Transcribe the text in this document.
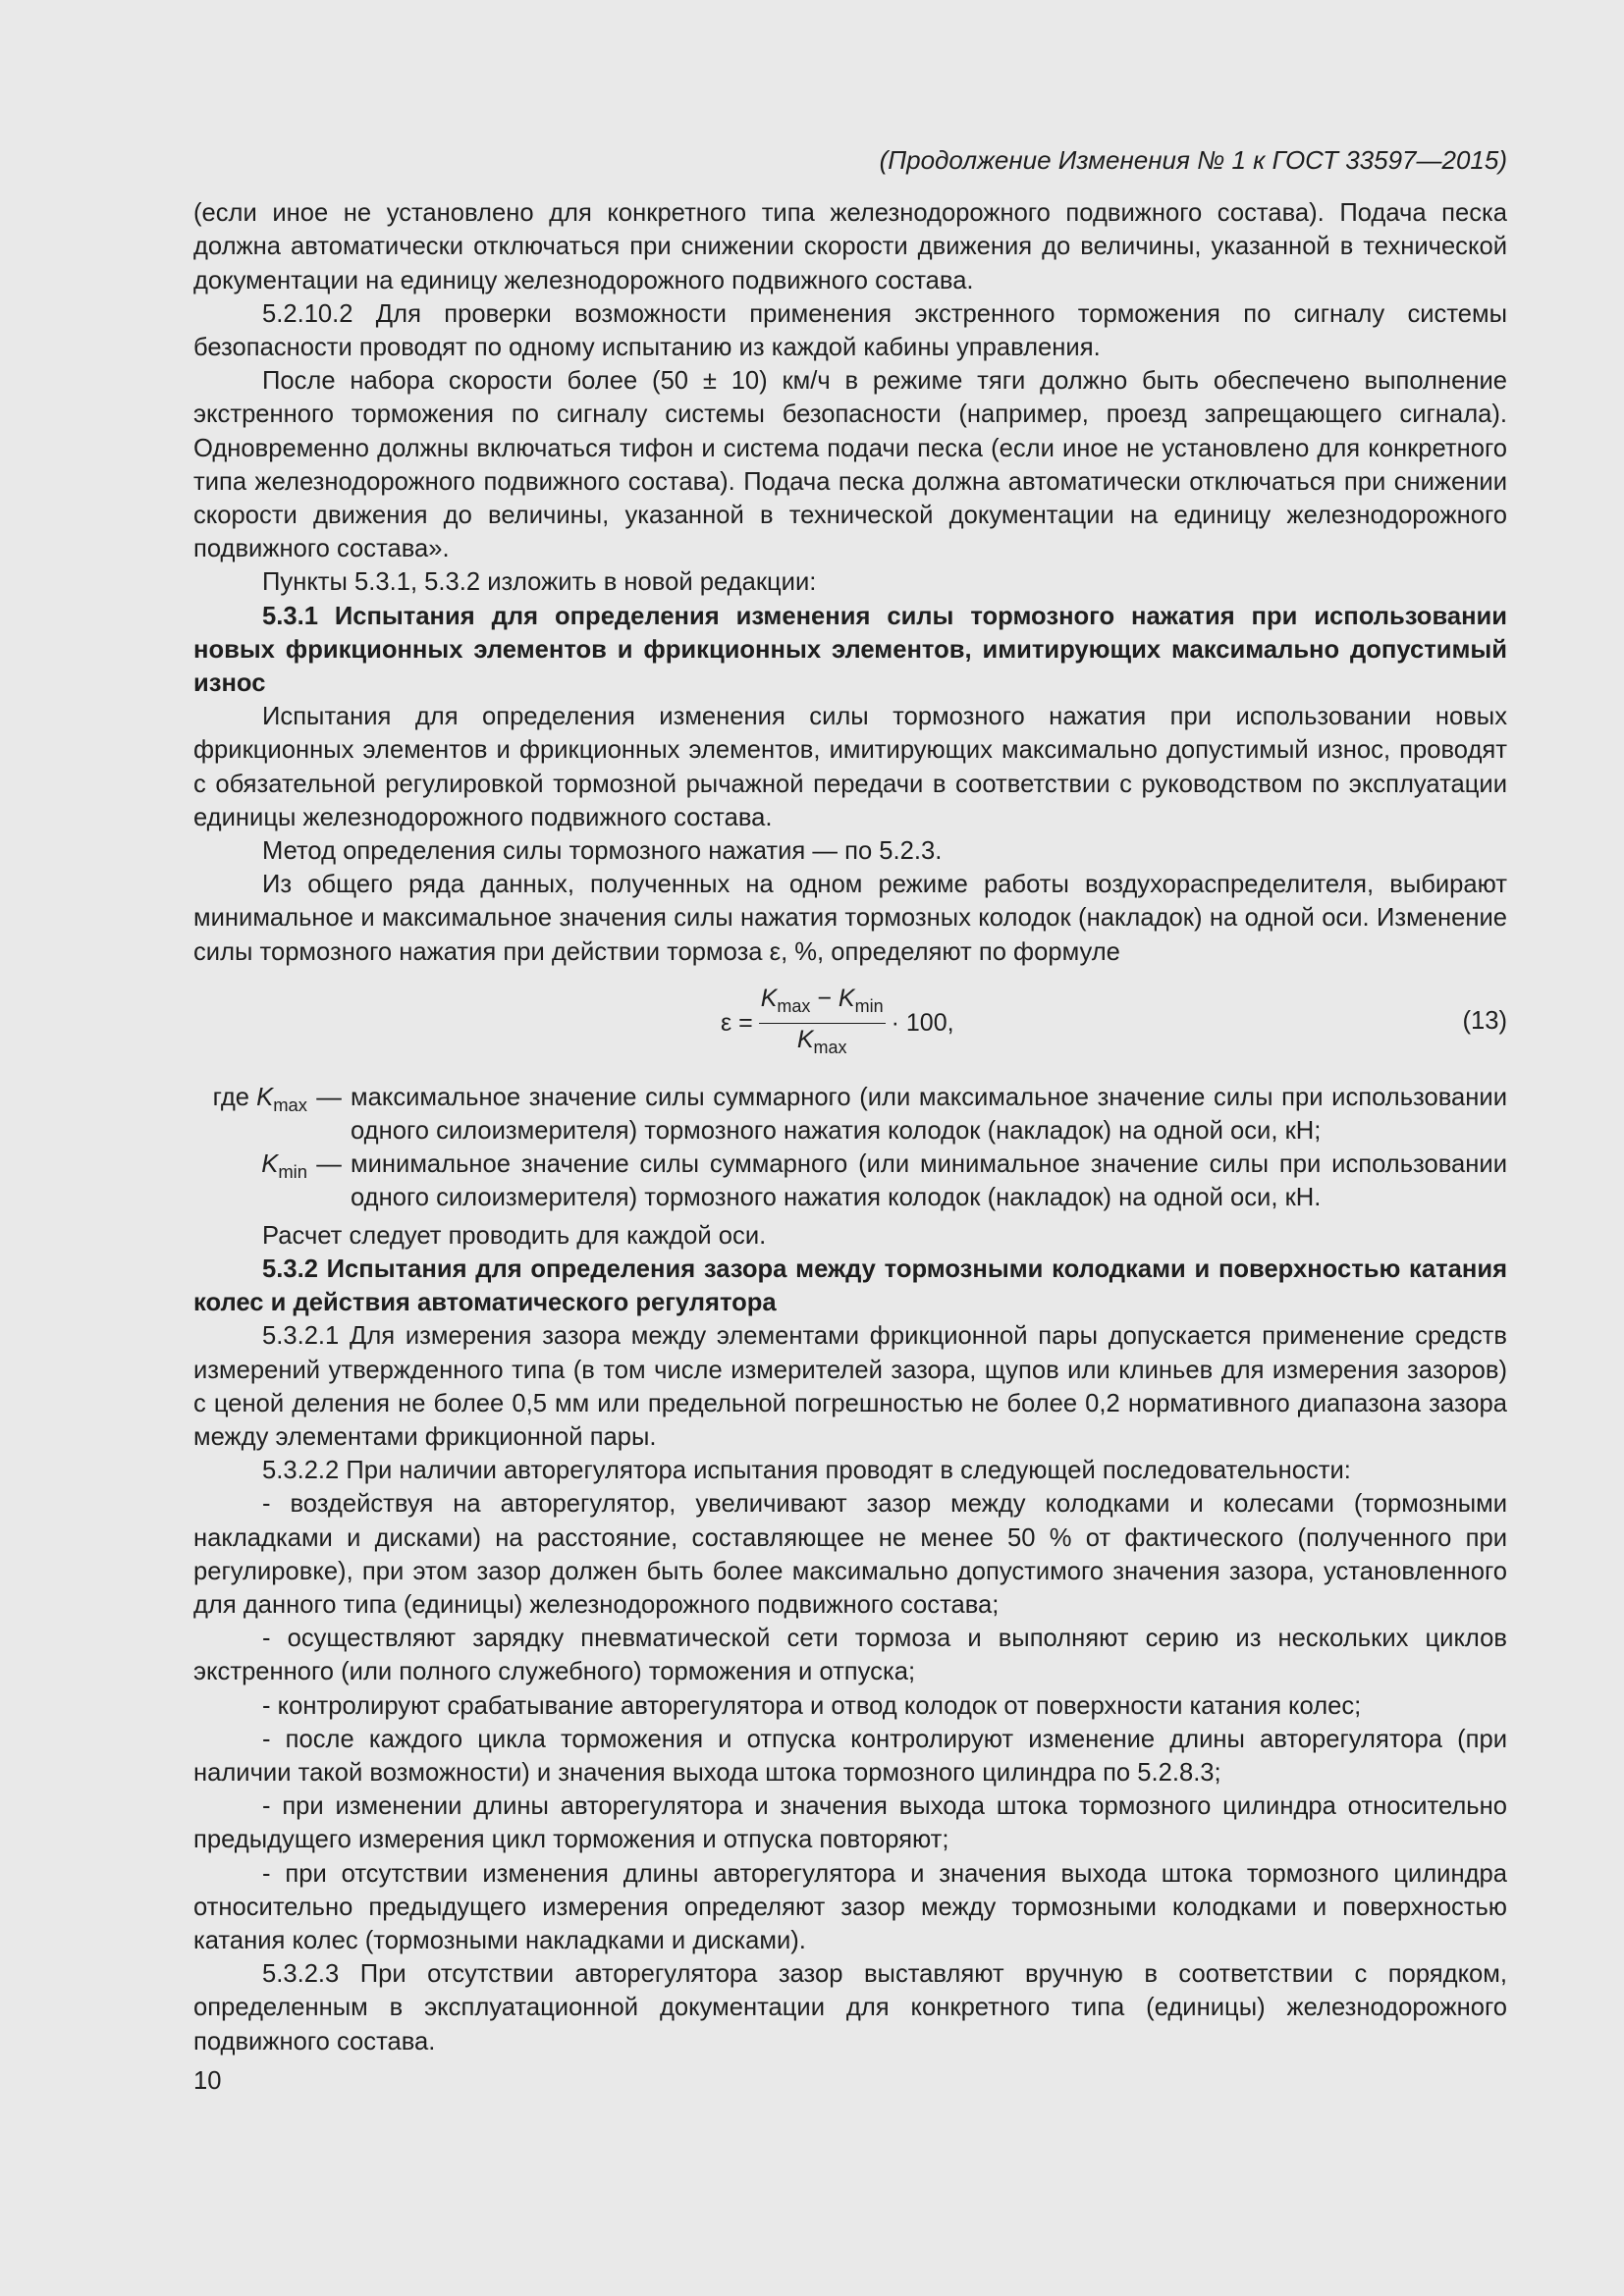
(Продолжение Изменения № 1 к ГОСТ 33597—2015)

(если иное не установлено для конкретного типа железнодорожного подвижного состава). Подача песка должна автоматически отключаться при снижении скорости движения до величины, указанной в технической документации на единицу железнодорожного подвижного состава.

5.2.10.2 Для проверки возможности применения экстренного торможения по сигналу системы безопасности проводят по одному испытанию из каждой кабины управления.

После набора скорости более (50 ± 10) км/ч в режиме тяги должно быть обеспечено выполнение экстренного торможения по сигналу системы безопасности (например, проезд запрещающего сигнала). Одновременно должны включаться тифон и система подачи песка (если иное не установлено для конкретного типа железнодорожного подвижного состава). Подача песка должна автоматически отключаться при снижении скорости движения до величины, указанной в технической документации на единицу железнодорожного подвижного состава».

Пункты 5.3.1, 5.3.2 изложить в новой редакции:

5.3.1 Испытания для определения изменения силы тормозного нажатия при использовании новых фрикционных элементов и фрикционных элементов, имитирующих максимально допустимый износ

Испытания для определения изменения силы тормозного нажатия при использовании новых фрикционных элементов и фрикционных элементов, имитирующих максимально допустимый износ, проводят с обязательной регулировкой тормозной рычажной передачи в соответствии с руководством по эксплуатации единицы железнодорожного подвижного состава.

Метод определения силы тормозного нажатия — по 5.2.3.

Из общего ряда данных, полученных на одном режиме работы воздухораспределителя, выбирают минимальное и максимальное значения силы нажатия тормозных колодок (накладок) на одной оси. Изменение силы тормозного нажатия при действии тормоза ε, %, определяют по формуле

$\varepsilon = \frac{K_{max} - K_{min}}{K_{max}} \cdot 100$,	(13)
где $K_{max}$ — максимальное значение силы суммарного (или максимальное значение силы при использовании одного силоизмерителя) тормозного нажатия колодок (накладок) на одной оси, кН;
$K_{min}$ — минимальное значение силы суммарного (или минимальное значение силы при использовании одного силоизмерителя) тормозного нажатия колодок (накладок) на одной оси, кН.

Расчет следует проводить для каждой оси.

5.3.2 Испытания для определения зазора между тормозными колодками и поверхностью катания колес и действия автоматического регулятора

5.3.2.1 Для измерения зазора между элементами фрикционной пары допускается применение средств измерений утвержденного типа (в том числе измерителей зазора, щупов или клиньев для измерения зазоров) с ценой деления не более 0,5 мм или предельной погрешностью не более 0,2 нормативного диапазона зазора между элементами фрикционной пары.

5.3.2.2 При наличии авторегулятора испытания проводят в следующей последовательности:

- воздействуя на авторегулятор, увеличивают зазор между колодками и колесами (тормозными накладками и дисками) на расстояние, составляющее не менее 50 % от фактического (полученного при регулировке), при этом зазор должен быть более максимально допустимого значения зазора, установленного для данного типа (единицы) железнодорожного подвижного состава;

- осуществляют зарядку пневматической сети тормоза и выполняют серию из нескольких циклов экстренного (или полного служебного) торможения и отпуска;

- контролируют срабатывание авторегулятора и отвод колодок от поверхности катания колес;

- после каждого цикла торможения и отпуска контролируют изменение длины авторегулятора (при наличии такой возможности) и значения выхода штока тормозного цилиндра по 5.2.8.3;

- при изменении длины авторегулятора и значения выхода штока тормозного цилиндра относительно предыдущего измерения цикл торможения и отпуска повторяют;

- при отсутствии изменения длины авторегулятора и значения выхода штока тормозного цилиндра относительно предыдущего измерения определяют зазор между тормозными колодками и поверхностью катания колес (тормозными накладками и дисками).

5.3.2.3 При отсутствии авторегулятора зазор выставляют вручную в соответствии с порядком, определенным в эксплуатационной документации для конкретного типа (единицы) железнодорожного подвижного состава.

10
